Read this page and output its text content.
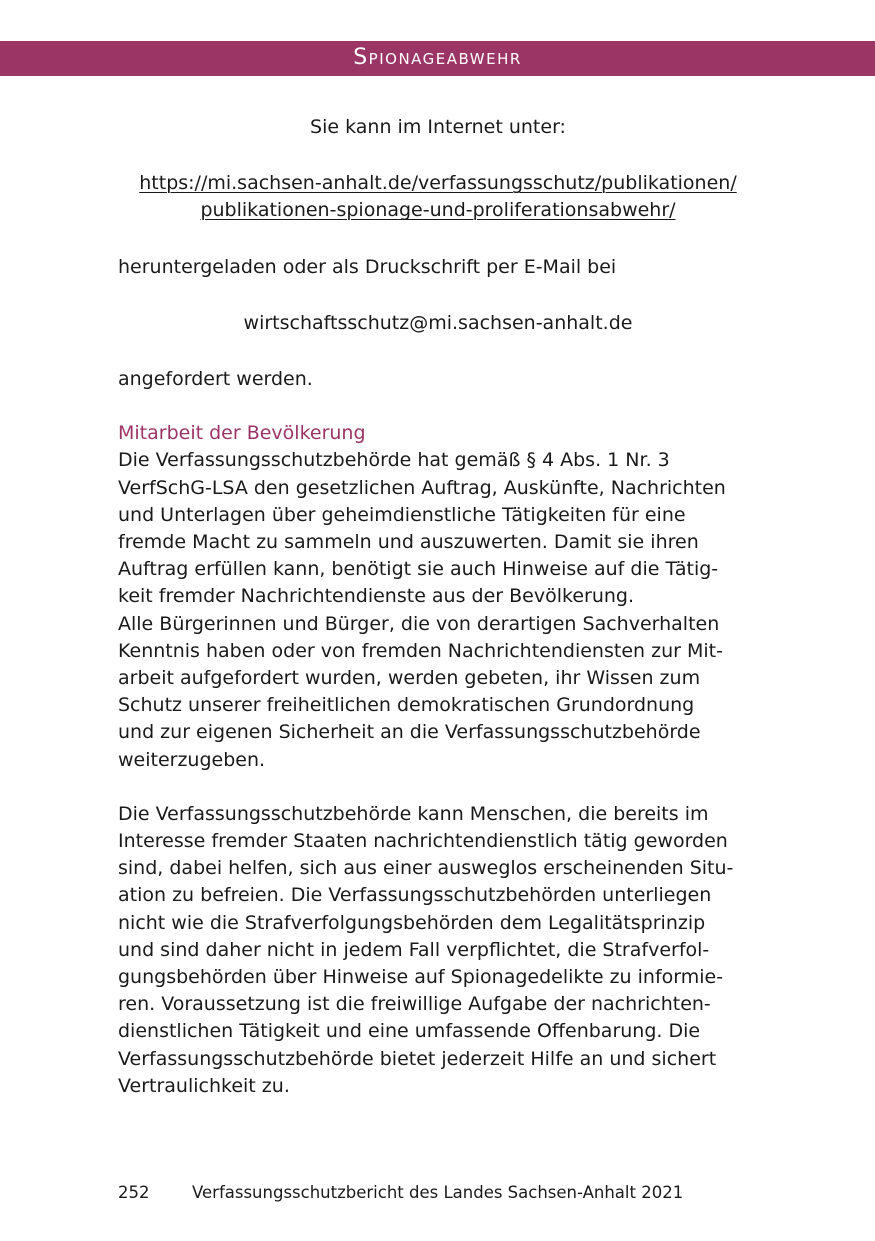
Spionageabwehr
Sie kann im Internet unter:
https://mi.sachsen-anhalt.de/verfassungsschutz/publikationen/
publikationen-spionage-und-proliferationsabwehr/
heruntergeladen oder als Druckschrift per E-Mail bei
wirtschaftsschutz@mi.sachsen-anhalt.de
angefordert werden.
Mitarbeit der Bevölkerung
Die Verfassungsschutzbehörde hat gemäß § 4 Abs. 1 Nr. 3
VerfSchG-LSA den gesetzlichen Auftrag, Auskünfte, Nachrichten
und Unterlagen über geheimdienstliche Tätigkeiten für eine
fremde Macht zu sammeln und auszuwerten. Damit sie ihren
Auftrag erfüllen kann, benötigt sie auch Hinweise auf die Tätig-
keit fremder Nachrichtendienste aus der Bevölkerung.
Alle Bürgerinnen und Bürger, die von derartigen Sachverhalten
Kenntnis haben oder von fremden Nachrichtendiensten zur Mit-
arbeit aufgefordert wurden, werden gebeten, ihr Wissen zum
Schutz unserer freiheitlichen demokratischen Grundordnung
und zur eigenen Sicherheit an die Verfassungsschutzbehörde
weiterzugeben.
Die Verfassungsschutzbehörde kann Menschen, die bereits im
Interesse fremder Staaten nachrichtendienstlich tätig geworden
sind, dabei helfen, sich aus einer ausweglos erscheinenden Situ-
ation zu befreien. Die Verfassungsschutzbehörden unterliegen
nicht wie die Strafverfolgungsbehörden dem Legalitätsprinzip
und sind daher nicht in jedem Fall verpflichtet, die Strafverfol-
gungsbehörden über Hinweise auf Spionagedelikte zu informie-
ren. Voraussetzung ist die freiwillige Aufgabe der nachrichten-
dienstlichen Tätigkeit und eine umfassende Offenbarung. Die
Verfassungsschutzbehörde bietet jederzeit Hilfe an und sichert
Vertraulichkeit zu.
252	Verfassungsschutzbericht des Landes Sachsen-Anhalt 2021
